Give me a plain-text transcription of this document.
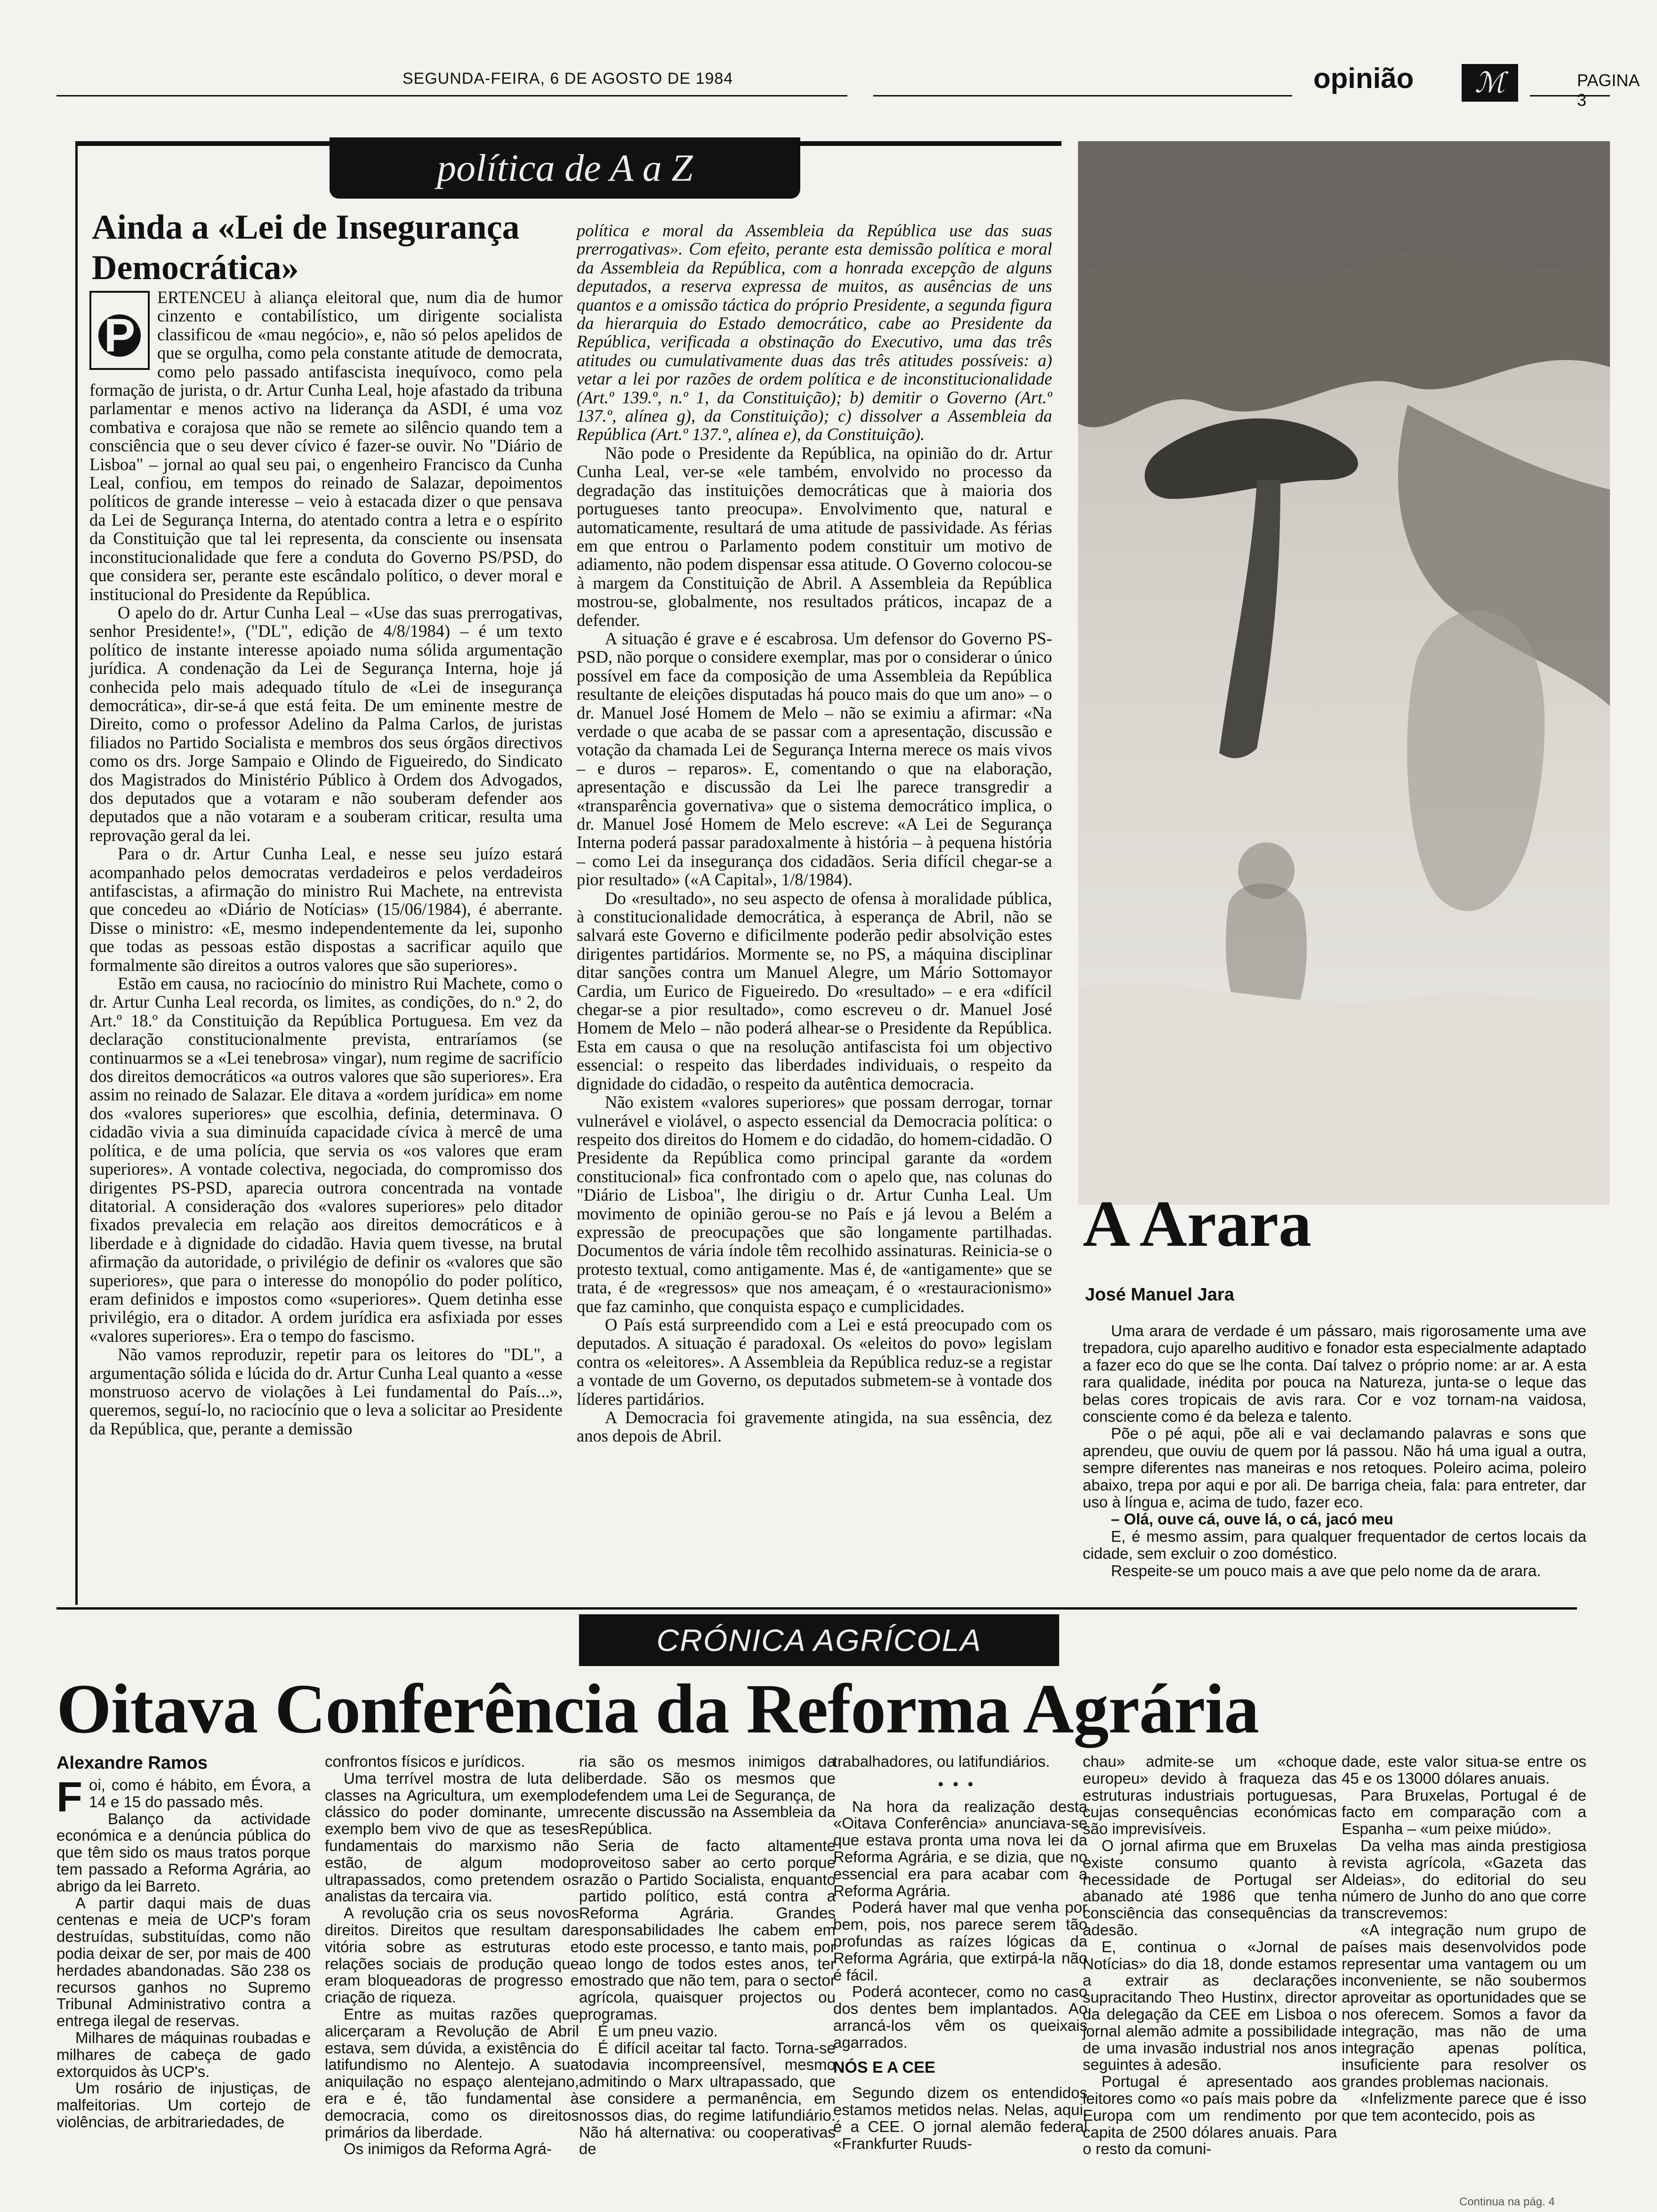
SEGUNDA-FEIRA, 6 DE AGOSTO DE 1984	opinião	ℳ	PAGINA 3
política de A a Z
Ainda a «Lei de Insegurança
Democrática»

ERTENCEU à aliança eleitoral que, num dia de humor cinzento e contabilístico, um dirigente socialista classificou de «mau negócio», e, não só pelos apelidos de que se orgulha, como pela constante atitude de democrata, como pelo passado antifascista inequívoco, como pela formação de jurista, o dr. Artur Cunha Leal, hoje afastado da tribuna parlamentar e menos activo na liderança da ASDI, é uma voz combativa e corajosa que não se remete ao silêncio quando tem a consciência que o seu dever cívico é fazer-se ouvir. No "Diário de Lisboa" – jornal ao qual seu pai, o engenheiro Francisco da Cunha Leal, confiou, em tempos do reinado de Salazar, depoimentos políticos de grande interesse – veio à estacada dizer o que pensava da Lei de Segurança Interna, do atentado contra a letra e o espírito da Constituição que tal lei representa, da consciente ou insensata inconstitucionalidade que fere a conduta do Governo PS/PSD, do que considera ser, perante este escândalo político, o dever moral e institucional do Presidente da República.

O apelo do dr. Artur Cunha Leal – «Use das suas prerrogativas, senhor Presidente!», ("DL", edição de 4/8/1984) – é um texto político de instante interesse apoiado numa sólida argumentação jurídica. A condenação da Lei de Segurança Interna, hoje já conhecida pelo mais adequado título de «Lei de insegurança democrática», dir-se-á que está feita. De um eminente mestre de Direito, como o professor Adelino da Palma Carlos, de juristas filiados no Partido Socialista e membros dos seus órgãos directivos como os drs. Jorge Sampaio e Olindo de Figueiredo, do Sindicato dos Magistrados do Ministério Público à Ordem dos Advogados, dos deputados que a votaram e não souberam defender aos deputados que a não votaram e a souberam criticar, resulta uma reprovação geral da lei.

Para o dr. Artur Cunha Leal, e nesse seu juízo estará acompanhado pelos democratas verdadeiros e pelos verdadeiros antifascistas, a afirmação do ministro Rui Machete, na entrevista que concedeu ao «Diário de Notícias» (15/06/1984), é aberrante. Disse o ministro: «E, mesmo independentemente da lei, suponho que todas as pessoas estão dispostas a sacrificar aquilo que formalmente são direitos a outros valores que são superiores».

Estão em causa, no raciocínio do ministro Rui Machete, como o dr. Artur Cunha Leal recorda, os limites, as condições, do n.º 2, do Art.º 18.º da Constituição da República Portuguesa. Em vez da declaração constitucionalmente prevista, entraríamos (se continuarmos se a «Lei tenebrosa» vingar), num regime de sacrifício dos direitos democráticos «a outros valores que são superiores». Era assim no reinado de Salazar. Ele ditava a «ordem jurídica» em nome dos «valores superiores» que escolhia, definia, determinava. O cidadão vivia a sua diminuída capacidade cívica à mercê de uma política, e de uma polícia, que servia os «os valores que eram superiores». A vontade colectiva, negociada, do compromisso dos dirigentes PS-PSD, aparecia outrora concentrada na vontade ditatorial. A consideração dos «valores superiores» pelo ditador fixados prevalecia em relação aos direitos democráticos e à liberdade e à dignidade do cidadão. Havia quem tivesse, na brutal afirmação da autoridade, o privilégio de definir os «valores que são superiores», que para o interesse do monopólio do poder político, eram definidos e impostos como «superiores». Quem detinha esse privilégio, era o ditador. A ordem jurídica era asfixiada por esses «valores superiores». Era o tempo do fascismo.

Não vamos reproduzir, repetir para os leitores do "DL", a argumentação sólida e lúcida do dr. Artur Cunha Leal quanto a «esse monstruoso acervo de violações à Lei fundamental do País...», queremos, seguí-lo, no raciocínio que o leva a solicitar ao Presidente da República, que, perante a demissão

P

política e moral da Assembleia da República use das suas prerrogativas». Com efeito, perante esta demissão política e moral da Assembleia da República, com a honrada excepção de alguns deputados, a reserva expressa de muitos, as ausências de uns quantos e a omissão táctica do próprio Presidente, a segunda figura da hierarquia do Estado democrático, cabe ao Presidente da República, verificada a obstinação do Executivo, uma das três atitudes ou cumulativamente duas das três atitudes possíveis: a) vetar a lei por razões de ordem política e de inconstitucionalidade (Art.º 139.º, n.º 1, da Constituição); b) demitir o Governo (Art.º 137.º, alínea g), da Constituição); c) dissolver a Assembleia da República (Art.º 137.º, alínea e), da Constituição).

Não pode o Presidente da República, na opinião do dr. Artur Cunha Leal, ver-se «ele também, envolvido no processo da degradação das instituições democráticas que à maioria dos portugueses tanto preocupa». Envolvimento que, natural e automaticamente, resultará de uma atitude de passividade. As férias em que entrou o Parlamento podem constituir um motivo de adiamento, não podem dispensar essa atitude. O Governo colocou-se à margem da Constituição de Abril. A Assembleia da República mostrou-se, globalmente, nos resultados práticos, incapaz de a defender.

A situação é grave e é escabrosa. Um defensor do Governo PS-PSD, não porque o considere exemplar, mas por o considerar o único possível em face da composição de uma Assembleia da República resultante de eleições disputadas há pouco mais do que um ano» – o dr. Manuel José Homem de Melo – não se eximiu a afirmar: «Na verdade o que acaba de se passar com a apresentação, discussão e votação da chamada Lei de Segurança Interna merece os mais vivos – e duros – reparos». E, comentando o que na elaboração, apresentação e discussão da Lei lhe parece transgredir a «transparência governativa» que o sistema democrático implica, o dr. Manuel José Homem de Melo escreve: «A Lei de Segurança Interna poderá passar paradoxalmente à história – à pequena história – como Lei da insegurança dos cidadãos. Seria difícil chegar-se a pior resultado» («A Capital», 1/8/1984).

Do «resultado», no seu aspecto de ofensa à moralidade pública, à constitucionalidade democrática, à esperança de Abril, não se salvará este Governo e dificilmente poderão pedir absolvição estes dirigentes partidários. Mormente se, no PS, a máquina disciplinar ditar sanções contra um Manuel Alegre, um Mário Sottomayor Cardia, um Eurico de Figueiredo. Do «resultado» – e era «difícil chegar-se a pior resultado», como escreveu o dr. Manuel José Homem de Melo – não poderá alhear-se o Presidente da República. Esta em causa o que na resolução antifascista foi um objectivo essencial: o respeito das liberdades individuais, o respeito da dignidade do cidadão, o respeito da autêntica democracia.

Não existem «valores superiores» que possam derrogar, tornar vulnerável e violável, o aspecto essencial da Democracia política: o respeito dos direitos do Homem e do cidadão, do homem-cidadão. O Presidente da República como principal garante da «ordem constitucional» fica confrontado com o apelo que, nas colunas do "Diário de Lisboa", lhe dirigiu o dr. Artur Cunha Leal. Um movimento de opinião gerou-se no País e já levou a Belém a expressão de preocupações que são longamente partilhadas. Documentos de vária índole têm recolhido assinaturas. Reinicia-se o protesto textual, como antigamente. Mas é, de «antigamente» que se trata, é de «regressos» que nos ameaçam, é o «restauracionismo» que faz caminho, que conquista espaço e cumplicidades.

O País está surpreendido com a Lei e está preocupado com os deputados. A situação é paradoxal. Os «eleitos do povo» legislam contra os «eleitores». A Assembleia da República reduz-se a registar a vontade de um Governo, os deputados submetem-se à vontade dos líderes partidários.

A Democracia foi gravemente atingida, na sua essência, dez anos depois de Abril.

A Arara
José Manuel Jara

Uma arara de verdade é um pássaro, mais rigorosamente uma ave trepadora, cujo aparelho auditivo e fonador esta especialmente adaptado a fazer eco do que se lhe conta. Daí talvez o próprio nome: ar ar. A esta rara qualidade, inédita por pouca na Natureza, junta-se o leque das belas cores tropicais de avis rara. Cor e voz tornam-na vaidosa, consciente como é da beleza e talento.

Põe o pé aqui, põe ali e vai declamando palavras e sons que aprendeu, que ouviu de quem por lá passou. Não há uma igual a outra, sempre diferentes nas maneiras e nos retoques. Poleiro acima, poleiro abaixo, trepa por aqui e por ali. De barriga cheia, fala: para entreter, dar uso à língua e, acima de tudo, fazer eco.

– Olá, ouve cá, ouve lá, o cá, jacó meu

E, é mesmo assim, para qualquer frequentador de certos locais da cidade, sem excluir o zoo doméstico.

Respeite-se um pouco mais a ave que pelo nome da de arara.

CRÓNICA AGRÍCOLA
Oitava Conferência da Reforma Agrária
Alexandre Ramos

Foi, como é hábito, em Évora, a 14 e 15 do passado mês.

Balanço da actividade económica e a denúncia pública do que têm sido os maus tratos porque tem passado a Reforma Agrária, ao abrigo da lei Barreto.

A partir daqui mais de duas centenas e meia de UCP's foram destruídas, substituídas, como não podia deixar de ser, por mais de 400 herdades abandonadas. São 238 os recursos ganhos no Supremo Tribunal Administrativo contra a entrega ilegal de reservas.

Milhares de máquinas roubadas e milhares de cabeça de gado extorquidos às UCP's.

Um rosário de injustiças, de malfeitorias. Um cortejo de violências, de arbitrariedades, de

confrontos físicos e jurídicos.

Uma terrível mostra de luta de classes na Agricultura, um exemplo clássico do poder dominante, um exemplo bem vivo de que as teses fundamentais do marxismo não estão, de algum modo ultrapassados, como pretendem os analistas da tercaira via.

A revolução cria os seus novos direitos. Direitos que resultam da vitória sobre as estruturas e relações sociais de produção que eram bloqueadoras de progresso e criação de riqueza.

Entre as muitas razões que alicerçaram a Revolução de Abril estava, sem dúvida, a existência do latifundismo no Alentejo. A sua aniquilação no espaço alentejano, era e é, tão fundamental à democracia, como os direitos primários da liberdade.

Os inimigos da Reforma Agrá-

ria são os mesmos inimigos da liberdade. São os mesmos que defendem uma Lei de Segurança, de recente discussão na Assembleia da República.

Seria de facto altamente proveitoso saber ao certo porque razão o Partido Socialista, enquanto partido político, está contra a Reforma Agrária. Grandes responsabilidades lhe cabem em todo este processo, e tanto mais, por ao longo de todos estes anos, ter mostrado que não tem, para o sector agrícola, quaisquer projectos ou programas.

É um pneu vazio.

É difícil aceitar tal facto. Torna-se todavia incompreensível, mesmo admitindo o Marx ultrapassado, que se considere a permanência, em nossos dias, do regime latifundiário. Não há alternativa: ou cooperativas de

trabalhadores, ou latifundiários.

•••

Na hora da realização desta «Oitava Conferência» anunciava-se que estava pronta uma nova lei da Reforma Agrária, e se dizia, que no essencial era para acabar com a Reforma Agrária.

Poderá haver mal que venha por bem, pois, nos parece serem tão profundas as raízes lógicas da Reforma Agrária, que extirpá-la não é fácil.

Poderá acontecer, como no caso dos dentes bem implantados. Ao arrancá-los vêm os queixais agarrados.

NÓS E A CEE

Segundo dizem os entendidos estamos metidos nelas. Nelas, aqui, é a CEE. O jornal alemão federal «Frankfurter Ruuds-

chau» admite-se um «choque europeu» devido à fraqueza das estruturas industriais portuguesas, cujas consequências económicas são imprevisíveis.

O jornal afirma que em Bruxelas existe consumo quanto à necessidade de Portugal ser abanado até 1986 que tenha consciência das consequências da adesão.

E, continua o «Jornal de Notícias» do dia 18, donde estamos a extrair as declarações supracitando Theo Hustinx, director da delegação da CEE em Lisboa o jornal alemão admite a possibilidade de uma invasão industrial nos anos seguintes à adesão.

Portugal é apresentado aos leitores como «o país mais pobre da Europa com um rendimento por capita de 2500 dólares anuais. Para o resto da comuni-

dade, este valor situa-se entre os 45 e os 13000 dólares anuais.

Para Bruxelas, Portugal é de facto em comparação com a Espanha – «um peixe miúdo».

Da velha mas ainda prestigiosa revista agrícola, «Gazeta das Aldeias», do editorial do seu número de Junho do ano que corre transcrevemos:

«A integração num grupo de países mais desenvolvidos pode representar uma vantagem ou um inconveniente, se não soubermos aproveitar as oportunidades que se nos oferecem. Somos a favor da integração, mas não de uma integração apenas política, insuficiente para resolver os grandes problemas nacionais.

«Infelizmente parece que é isso que tem acontecido, pois as

Continua na pág. 4
